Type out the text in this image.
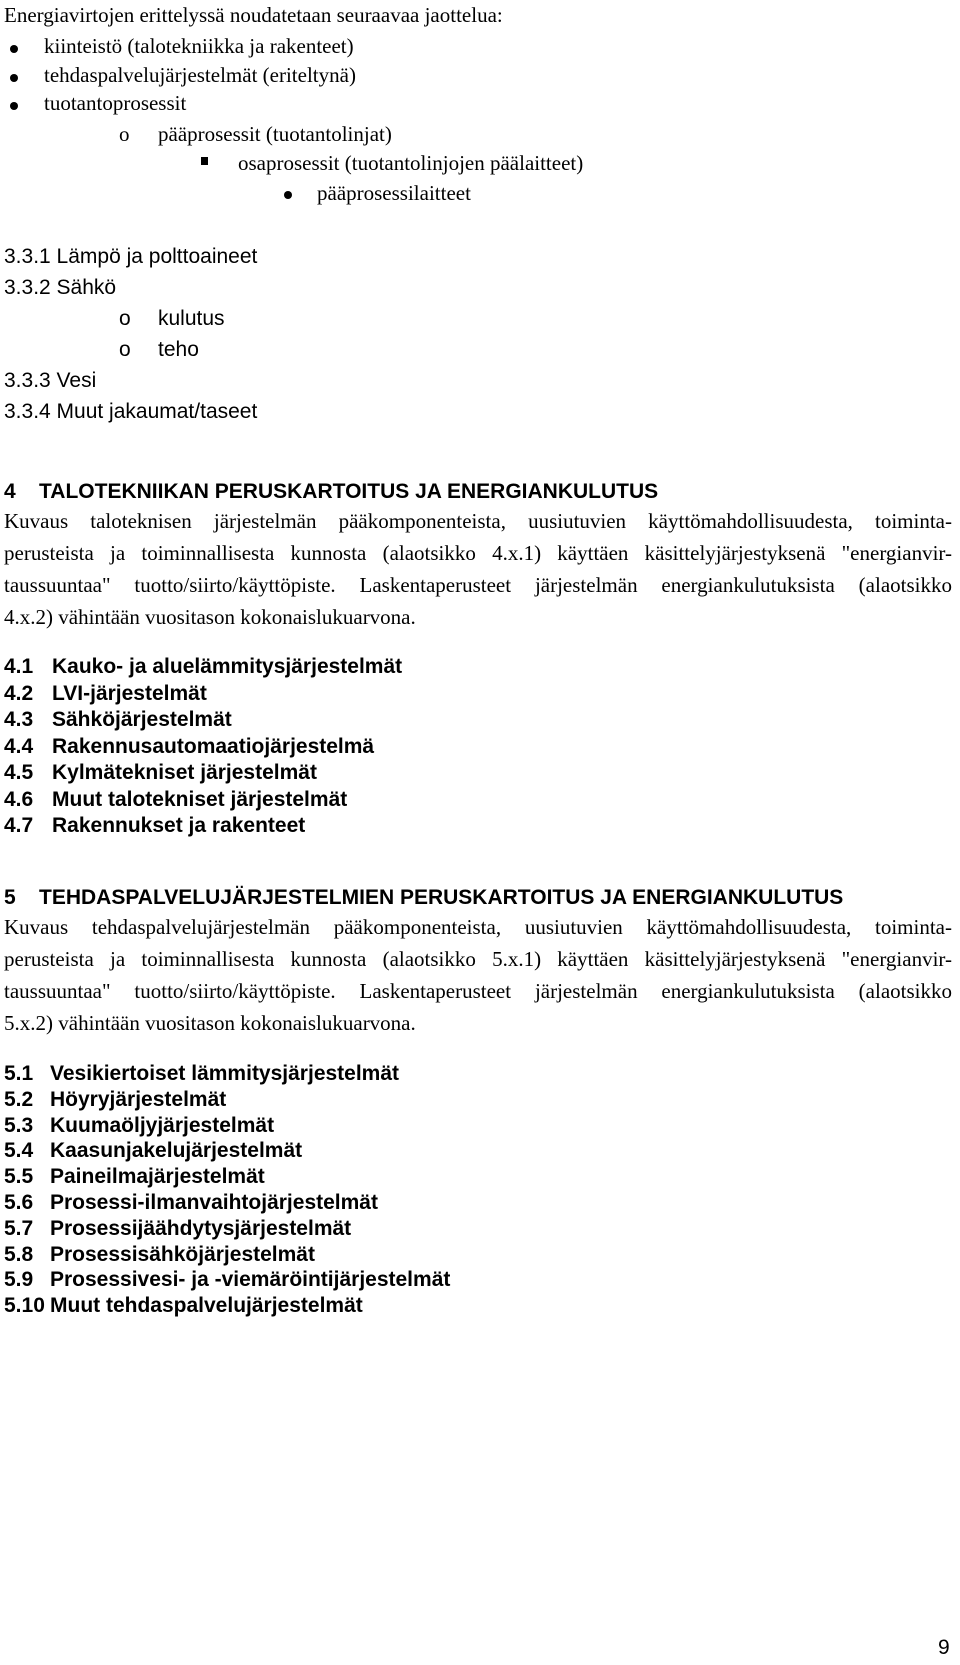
Energiavirtojen erittelyssä noudatetaan seuraavaa jaottelua:
kiinteistö (talotekniikka ja rakenteet)
tehdaspalvelujärjestelmät (eriteltynä)
tuotantoprosessit
o pääprosessit (tuotantolinjat)
osaprosessit (tuotantolinjojen päälaitteet)
pääprosessilaitteet
3.3.1 Lämpö ja polttoaineet
3.3.2 Sähkö
o kulutus
o teho
3.3.3 Vesi
3.3.4 Muut jakaumat/taseet
4    TALOTEKNIIKAN PERUSKARTOITUS JA ENERGIANKULUTUS
Kuvaus taloteknisen järjestelmän pääkomponenteista, uusiutuvien käyttömahdollisuudesta, toiminta-
perusteista ja toiminnallisesta kunnosta (alaotsikko 4.x.1) käyttäen käsittelyjärjestyksenä "energianvir-
taussuuntaa" tuotto/siirto/käyttöpiste. Laskentaperusteet järjestelmän energiankulutuksista (alaotsikko
4.x.2) vähintään vuositason kokonaislukuarvona.
4.1 Kauko- ja aluelämmitysjärjestelmät
4.2 LVI-järjestelmät
4.3 Sähköjärjestelmät
4.4 Rakennusautomaatiojärjestelmä
4.5 Kylmätekniset järjestelmät
4.6 Muut talotekniset järjestelmät
4.7 Rakennukset ja rakenteet
5    TEHDASPALVELUJÄRJESTELMIEN PERUSKARTOITUS JA ENERGIANKULUTUS
Kuvaus tehdaspalvelujärjestelmän pääkomponenteista, uusiutuvien käyttömahdollisuudesta, toiminta-
perusteista ja toiminnallisesta kunnosta (alaotsikko 5.x.1) käyttäen käsittelyjärjestyksenä "energianvir-
taussuuntaa" tuotto/siirto/käyttöpiste. Laskentaperusteet järjestelmän energiankulutuksista (alaotsikko
5.x.2) vähintään vuositason kokonaislukuarvona.
5.1 Vesikiertoiset lämmitysjärjestelmät
5.2 Höyryjärjestelmät
5.3 Kuumaöljyjärjestelmät
5.4 Kaasunjakelujärjestelmät
5.5 Paineilmajärjestelmät
5.6 Prosessi-ilmanvaihtojärjestelmät
5.7 Prosessijäähdytysjärjestelmät
5.8 Prosessisähköjärjestelmät
5.9 Prosessivesi- ja -viemäröintijärjestelmät
5.10 Muut tehdaspalvelujärjestelmät
9
